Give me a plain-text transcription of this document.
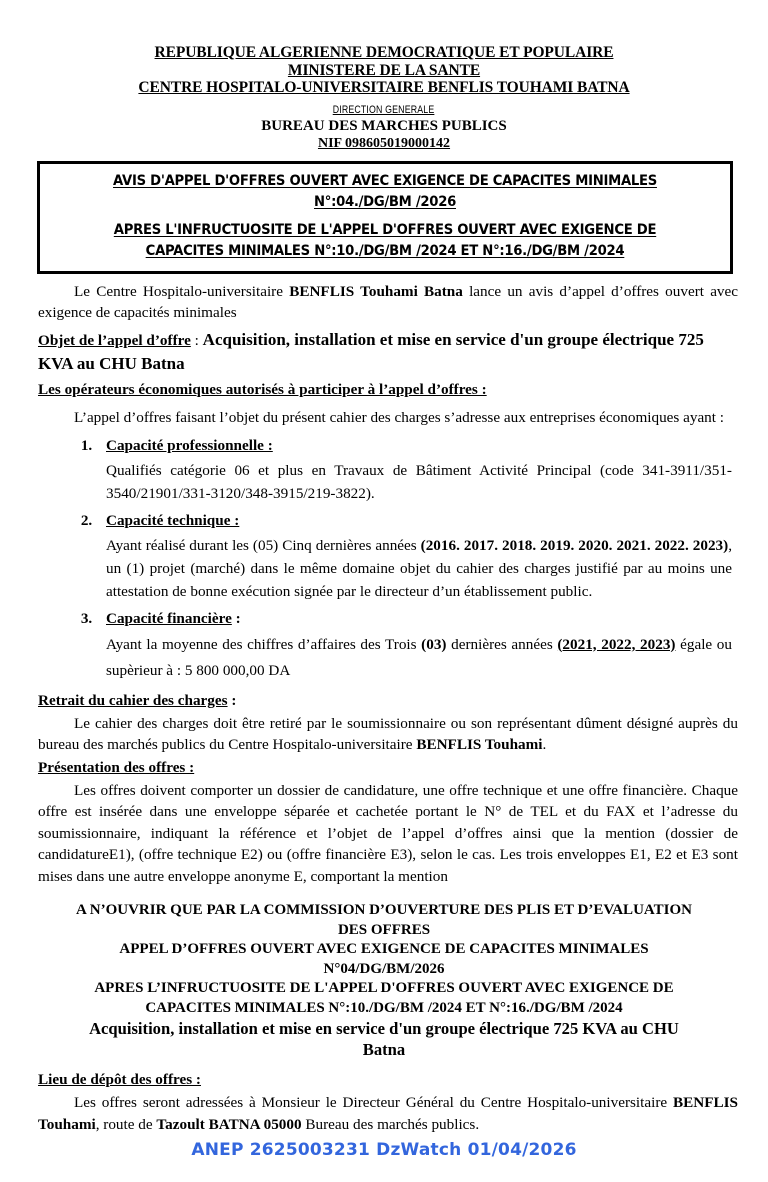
REPUBLIQUE ALGERIENNE DEMOCRATIQUE ET POPULAIRE
MINISTERE DE LA SANTE
CENTRE HOSPITALO-UNIVERSITAIRE BENFLIS TOUHAMI BATNA
DIRECTION GENERALE
BUREAU DES MARCHES PUBLICS
NIF 098605019000142
AVIS D'APPEL D'OFFRES OUVERT AVEC EXIGENCE DE CAPACITES MINIMALES
N°:04./DG/BM /2026
APRES L'INFRUCTUOSITE DE L'APPEL D'OFFRES OUVERT AVEC EXIGENCE DE
CAPACITES MINIMALES N°:10./DG/BM /2024 ET N°:16./DG/BM /2024

Le Centre Hospitalo-universitaire BENFLIS Touhami Batna lance un avis d’appel d’offres ouvert avec exigence de capacités minimales

Objet de l’appel d’offre : Acquisition, installation et mise en service d'un groupe électrique 725 KVA au CHU Batna

Les opérateurs économiques autorisés à participer à l’appel d’offres :

L’appel d’offres faisant l’objet du présent cahier des charges s’adresse aux entreprises économiques ayant :

1. Capacité professionnelle :

Qualifiés catégorie 06 et plus en Travaux de Bâtiment Activité Principal (code 341-3911/351-3540/21901/331-3120/348-3915/219-3822).

2. Capacité technique :

Ayant réalisé durant les (05) Cinq dernières années (2016. 2017. 2018. 2019. 2020. 2021. 2022. 2023), un (1) projet (marché) dans le même domaine objet du cahier des charges justifié par au moins une attestation de bonne exécution signée par le directeur d’un établissement public.

3. Capacité financière :

Ayant la moyenne des chiffres d’affaires des Trois (03) dernières années (2021, 2022, 2023) égale ou supèrieur à : 5 800 000,00 DA

Retrait du cahier des charges :

Le cahier des charges doit être retiré par le soumissionnaire ou son représentant dûment désigné auprès du bureau des marchés publics du Centre Hospitalo-universitaire BENFLIS Touhami.

Présentation des offres :

Les offres doivent comporter un dossier de candidature, une offre technique et une offre financière. Chaque offre est insérée dans une enveloppe séparée et cachetée portant le N° de TEL et du FAX et l’adresse du soumissionnaire, indiquant la référence et l’objet de l’appel d’offres ainsi que la mention (dossier de candidatureE1), (offre technique E2) ou (offre financière E3), selon le cas. Les trois enveloppes E1, E2 et E3 sont mises dans une autre enveloppe anonyme E, comportant la mention

A N’OUVRIR QUE PAR LA COMMISSION D’OUVERTURE DES PLIS ET D’EVALUATION
DES OFFRES
APPEL D’OFFRES OUVERT AVEC EXIGENCE DE CAPACITES MINIMALES
N°04/DG/BM/2026
APRES L’INFRUCTUOSITE DE L'APPEL D'OFFRES OUVERT AVEC EXIGENCE DE
CAPACITES MINIMALES N°:10./DG/BM /2024 ET N°:16./DG/BM /2024
Acquisition, installation et mise en service d'un groupe électrique 725 KVA au CHU
Batna

Lieu de dépôt des offres :

Les offres seront adressées à Monsieur le Directeur Général du Centre Hospitalo-universitaire BENFLIS Touhami, route de Tazoult BATNA 05000 Bureau des marchés publics.

ANEP 2625003231 DzWatch 01/04/2026
